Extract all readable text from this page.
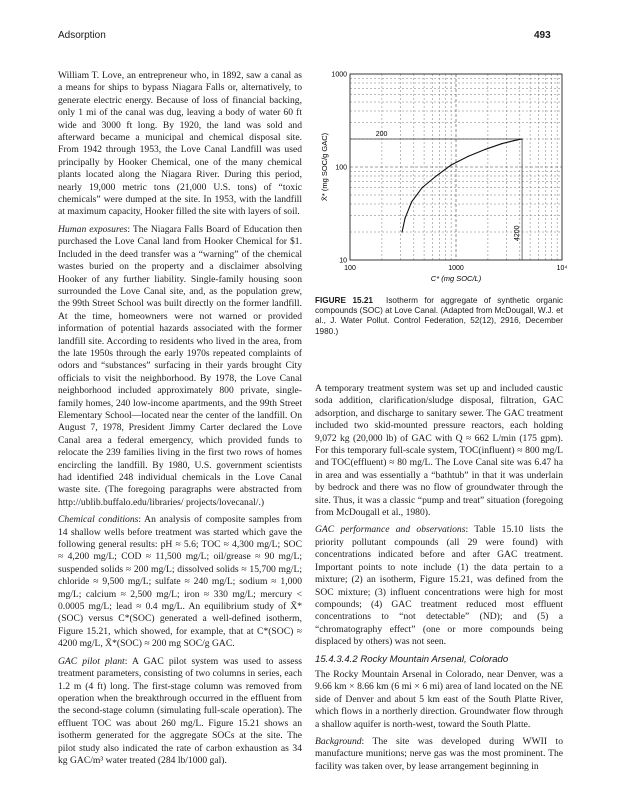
Adsorption	493

William T. Love, an entrepreneur who, in 1892, saw a canal as a means for ships to bypass Niagara Falls or, alternatively, to generate electric energy. Because of loss of financial backing, only 1 mi of the canal was dug, leaving a body of water 60 ft wide and 3000 ft long. By 1920, the land was sold and afterward became a municipal and chemical disposal site. From 1942 through 1953, the Love Canal Landfill was used principally by Hooker Chemical, one of the many chemical plants located along the Niagara River. During this period, nearly 19,000 metric tons (21,000 U.S. tons) of “toxic chemicals” were dumped at the site. In 1953, with the landfill at maximum capacity, Hooker filled the site with layers of soil.

Human exposures: The Niagara Falls Board of Education then purchased the Love Canal land from Hooker Chemical for $1. Included in the deed transfer was a “warning” of the chemical wastes buried on the property and a disclaimer absolving Hooker of any further liability. Single-family housing soon surrounded the Love Canal site, and, as the population grew, the 99th Street School was built directly on the former landfill. At the time, homeowners were not warned or provided information of potential hazards associated with the former landfill site. According to residents who lived in the area, from the late 1950s through the early 1970s repeated complaints of odors and “substances” surfacing in their yards brought City officials to visit the neighborhood. By 1978, the Love Canal neighborhood included approximately 800 private, single-family homes, 240 low-income apartments, and the 99th Street Elementary School—located near the center of the landfill. On August 7, 1978, President Jimmy Carter declared the Love Canal area a federal emergency, which provided funds to relocate the 239 families living in the first two rows of homes encircling the landfill. By 1980, U.S. government scientists had identified 248 individual chemicals in the Love Canal waste site. (The foregoing paragraphs were abstracted from http://ublib.buffalo.edu/libraries/ projects/lovecanal/.)

Chemical conditions: An analysis of composite samples from 14 shallow wells before treatment was started which gave the following general results: pH ≈ 5.6; TOC ≈ 4,300 mg/L; SOC ≈ 4,200 mg/L; COD ≈ 11,500 mg/L; oil/grease ≈ 90 mg/L; suspended solids ≈ 200 mg/L; dissolved solids ≈ 15,700 mg/L; chloride ≈ 9,500 mg/L; sulfate ≈ 240 mg/L; sodium ≈ 1,000 mg/L; calcium ≈ 2,500 mg/L; iron ≈ 330 mg/L; mercury < 0.0005 mg/L; lead ≈ 0.4 mg/L. An equilibrium study of X̄*(SOC) versus C*(SOC) generated a well-defined isotherm, Figure 15.21, which showed, for example, that at C*(SOC) ≈ 4200 mg/L, X̄*(SOC) ≈ 200 mg SOC/g GAC.

GAC pilot plant: A GAC pilot system was used to assess treatment parameters, consisting of two columns in series, each 1.2 m (4 ft) long. The first-stage column was removed from operation when the breakthrough occurred in the effluent from the second-stage column (simulating full-scale operation). The effluent TOC was about 260 mg/L. Figure 15.21 shows an isotherm generated for the aggregate SOCs at the site. The pilot study also indicated the rate of carbon exhaustion as 34 kg GAC/m³ water treated (284 lb/1000 gal).

200
4200
100	1000	10⁴
10
100
1000
C* (mg SOC/L)
X̄* (mg SOC/g GAC)
FIGURE 15.21 Isotherm for aggregate of synthetic organic compounds (SOC) at Love Canal. (Adapted from McDougall, W.J. et al., J. Water Pollut. Control Federation, 52(12), 2916, December 1980.)

A temporary treatment system was set up and included caustic soda addition, clarification/sludge disposal, filtration, GAC adsorption, and discharge to sanitary sewer. The GAC treatment included two skid-mounted pressure reactors, each holding 9,072 kg (20,000 lb) of GAC with Q ≈ 662 L/min (175 gpm). For this temporary full-scale system, TOC(influent) ≈ 800 mg/L and TOC(effluent) ≈ 80 mg/L. The Love Canal site was 6.47 ha in area and was essentially a “bathtub” in that it was underlain by bedrock and there was no flow of groundwater through the site. Thus, it was a classic “pump and treat” situation (foregoing from McDougall et al., 1980).

GAC performance and observations: Table 15.10 lists the priority pollutant compounds (all 29 were found) with concentrations indicated before and after GAC treatment. Important points to note include (1) the data pertain to a mixture; (2) an isotherm, Figure 15.21, was defined from the SOC mixture; (3) influent concentrations were high for most compounds; (4) GAC treatment reduced most effluent concentrations to “not detectable” (ND); and (5) a “chromatography effect” (one or more compounds being displaced by others) was not seen.

15.4.3.4.2 Rocky Mountain Arsenal, Colorado

The Rocky Mountain Arsenal in Colorado, near Denver, was a 9.66 km × 8.66 km (6 mi × 6 mi) area of land located on the NE side of Denver and about 5 km east of the South Platte River, which flows in a northerly direction. Groundwater flow through a shallow aquifer is north-west, toward the South Platte.

Background: The site was developed during WWII to manufacture munitions; nerve gas was the most prominent. The facility was taken over, by lease arrangement beginning in
